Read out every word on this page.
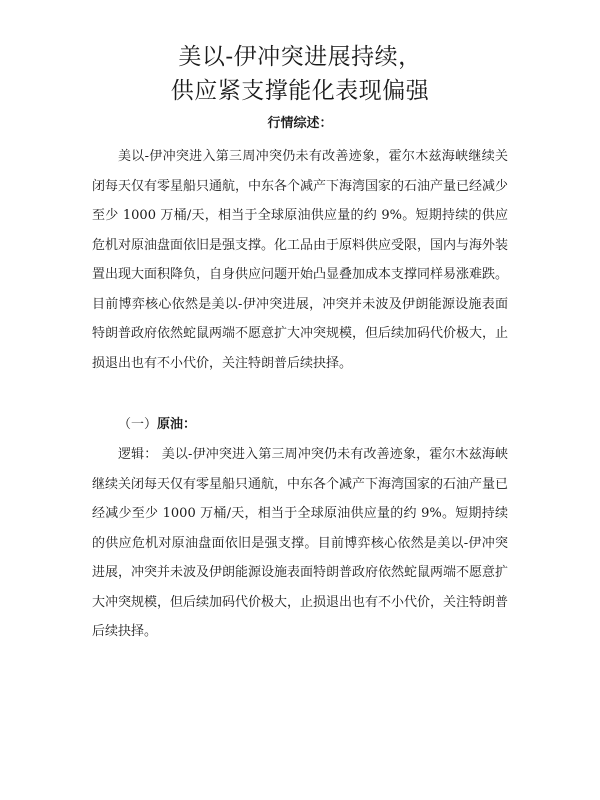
美以-伊冲突进展持续，
供应紧支撑能化表现偏强
行情综述：

美以-伊冲突进入第三周冲突仍未有改善迹象，霍尔木兹海峡继续关闭每天仅有零星船只通航，中东各个减产下海湾国家的石油产量已经减少至少 1000 万桶/天，相当于全球原油供应量的约 9%。短期持续的供应危机对原油盘面依旧是强支撑。化工品由于原料供应受限，国内与海外装置出现大面积降负，自身供应问题开始凸显叠加成本支撑同样易涨难跌。目前博弈核心依然是美以-伊冲突进展，冲突并未波及伊朗能源设施表面特朗普政府依然蛇鼠两端不愿意扩大冲突规模，但后续加码代价极大，止损退出也有不小代价，关注特朗普后续抉择。

（一）原油：

逻辑： 美以-伊冲突进入第三周冲突仍未有改善迹象，霍尔木兹海峡继续关闭每天仅有零星船只通航，中东各个减产下海湾国家的石油产量已经减少至少 1000 万桶/天，相当于全球原油供应量的约 9%。短期持续的供应危机对原油盘面依旧是强支撑。目前博弈核心依然是美以-伊冲突进展，冲突并未波及伊朗能源设施表面特朗普政府依然蛇鼠两端不愿意扩大冲突规模，但后续加码代价极大，止损退出也有不小代价，关注特朗普后续抉择。
